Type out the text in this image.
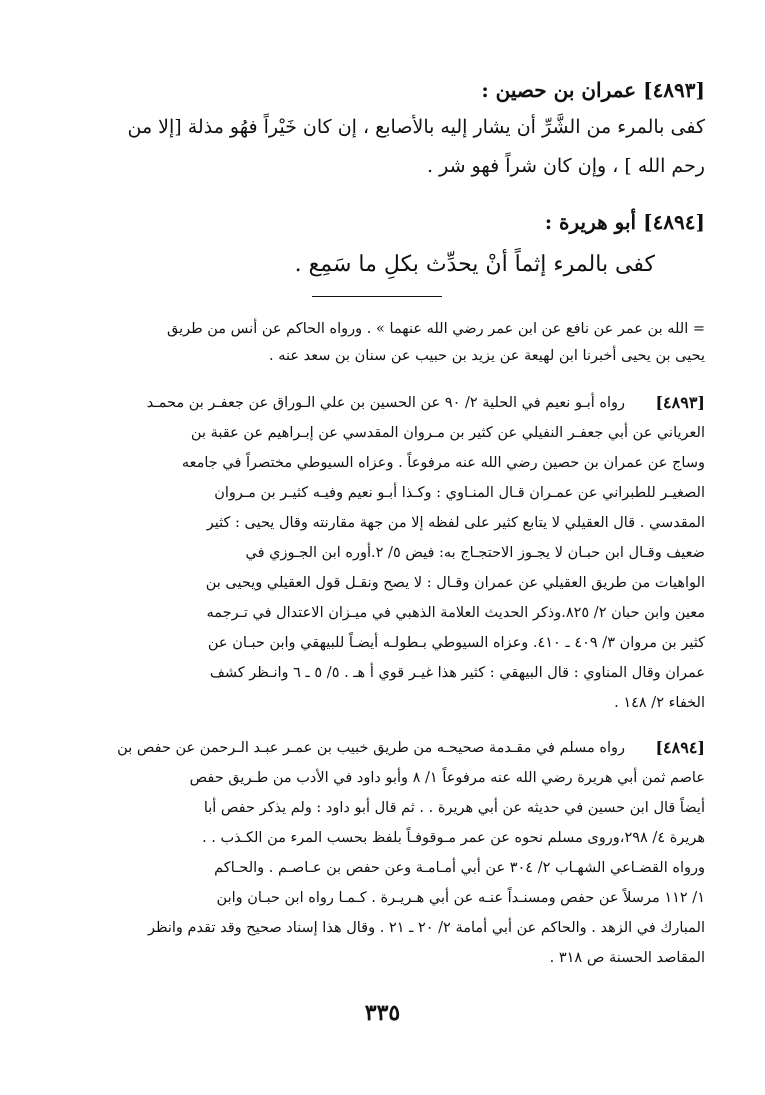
[٤٨٩٣] عمران بن حصين :
كفى بالمرء من الشَّرِّ أن يشار إليه بالأصابع ، إن كان خَيْراً فهُو مذلة [إلا من
رحم الله ] ، وإن كان شراً فهو شر .
[٤٨٩٤] أبو هريرة :
كفى بالمرء إثماً أنْ يحدِّث بكلِ ما سَمِع .
= الله بن عمر عن نافع عن ابن عمر رضي الله عنهما » . ورواه الحاكم عن أنس من طريق
يحيى بن يحيى أخبرنا ابن لهيعة عن يزيد بن حبيب عن سنان بن سعد عنه .
[٤٨٩٣]
رواه أبـو نعيم في الحلية ٢/ ٩٠ عن الحسين بن علي الـوراق عن جعفـر بن محمـد
العرياني عن أبي جعفـر النفيلي عن كثير بن مـروان المقدسي عن إبـراهيم عن عقبة بن
وساج عن عمران بن حصين رضي الله عنه مرفوعاً . وعزاه السيوطي مختصراً في جامعه
الصغيـر للطبراني عن عمـران قـال المنـاوي : وكـذا أبـو نعيم وفيـه كثيـر بن مـروان
المقدسي . قال العقيلي لا يتابع كثير على لفظه إلا من جهة مقارنته وقال يحيى : كثير
ضعيف وقـال ابن حبـان لا يجـوز الاحتجـاج به: فيض ٥/ ٢.أوره ابن الجـوزي في
الواهيات من طريق العقيلي عن عمران وقـال : لا يصح ونقـل قول العقيلي ويحيى بن
معين وابن حبان ٢/ ٨٢٥.وذكر الحديث العلامة الذهبي في ميـزان الاعتدال في تـرجمه
كثير بن مروان ٣/ ٤٠٩ ـ ٤١٠. وعزاه السيوطي بـطولـه أيضـاً للبيهقي وابن حبـان عن
عمران وقال المناوي : قال البيهقي : كثير هذا غيـر قوي أ هـ . ٥/ ٥ ـ ٦ وانـظر كشف
الخفاء ٢/ ١٤٨ .
[٤٨٩٤]
رواه مسلم في مقـدمة صحيحـه من طريق خبيب بن عمـر عبـد الـرحمن عن حفص بن
عاصم ثمن أبي هريرة رضي الله عنه مرفوعاً ١/ ٨ وأبو داود في الأدب من طـريق حفص
أيضاً قال ابن حسين في حديثه عن أبي هريرة . . ثم قال أبو داود : ولم يذكر حفص أبا
هريرة ٤/ ٢٩٨،وروى مسلم نحوه عن عمر مـوقوفـاً بلفظ بحسب المرء من الكـذب . .
ورواه القضـاعي الشهـاب ٢/ ٣٠٤ عن أبي أمـامـة وعن حفص بن عـاصـم . والحـاكم
١/ ١١٢ مرسلاً عن حفص ومسنـداً عنـه عن أبي هـريـرة . كـمـا رواه ابن حبـان وابن
المبارك في الزهد . والحاكم عن أبي أمامة ٢/ ٢٠ ـ ٢١ . وقال هذا إسناد صحيح وقد تقدم وانظر
المقاصد الحسنة ص ٣١٨ .
٣٣٥
